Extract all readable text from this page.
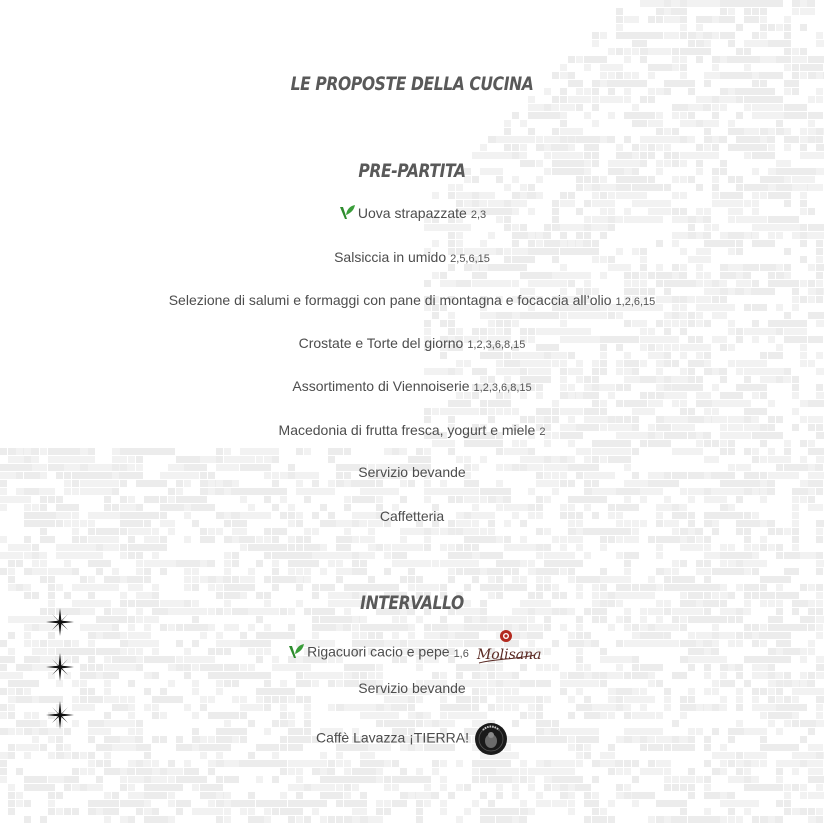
LE PROPOSTE DELLA CUCINA
PRE-PARTITA
Uova strapazzate 2,3
Salsiccia in umido 2,5,6,15
Selezione di salumi e formaggi con pane di montagna e focaccia all’olio 1,2,6,15
Crostate e Torte del giorno 1,2,3,6,8,15
Assortimento di Viennoiserie 1,2,3,6,8,15
Macedonia di frutta fresca, yogurt e miele 2
Servizio bevande
Caffetteria
INTERVALLO
Rigacuori cacio e pepe 1,6 Molisana
Servizio bevande
Caffè Lavazza ¡TIERRA!
